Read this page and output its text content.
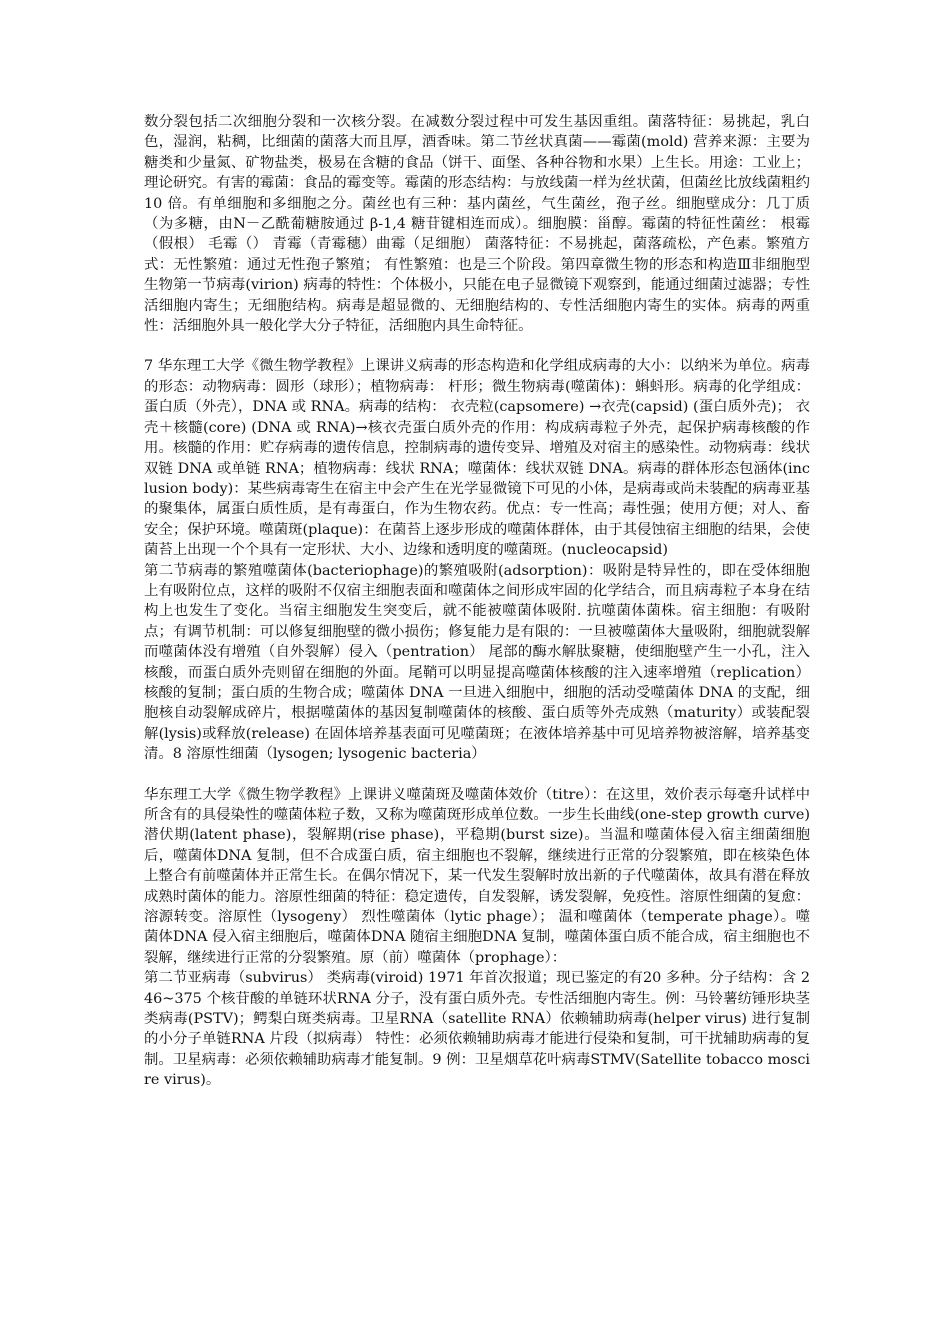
数分裂包括二次细胞分裂和一次核分裂。在减数分裂过程中可发生基因重组。菌落特征：易挑起，乳白色，湿润，粘稠，比细菌的菌落大而且厚，酒香味。第二节丝状真菌——霉菌(mold) 营养来源：主要为糖类和少量氮、矿物盐类，极易在含糖的食品（饼干、面堡、各种谷物和水果）上生长。用途：工业上；理论研究。有害的霉菌：食品的霉变等。霉菌的形态结构：与放线菌一样为丝状菌，但菌丝比放线菌粗约10 倍。有单细胞和多细胞之分。菌丝也有三种：基内菌丝，气生菌丝，孢子丝。细胞壁成分：几丁质（为多糖，由N－乙酰葡糖胺通过 β-1,4 糖苷键相连而成）。细胞膜：甾醇。霉菌的特征性菌丝： 根霉（假根） 毛霉（） 青霉（青霉穗）曲霉（足细胞） 菌落特征：不易挑起，菌落疏松，产色素。繁殖方式：无性繁殖：通过无性孢子繁殖； 有性繁殖：也是三个阶段。第四章微生物的形态和构造Ⅲ非细胞型生物第一节病毒(virion) 病毒的特性：个体极小，只能在电子显微镜下观察到，能通过细菌过滤器；专性活细胞内寄生；无细胞结构。病毒是超显微的、无细胞结构的、专性活细胞内寄生的实体。病毒的两重性：活细胞外具一般化学大分子特征，活细胞内具生命特征。

7 华东理工大学《微生物学教程》上课讲义病毒的形态构造和化学组成病毒的大小：以纳米为单位。病毒的形态：动物病毒：圆形（球形）；植物病毒： 杆形；微生物病毒(噬菌体)：蝌蚪形。病毒的化学组成：蛋白质（外壳），DNA 或 RNA。病毒的结构： 衣壳粒(capsomere) →衣壳(capsid) (蛋白质外壳)； 衣壳＋核髓(core) (DNA 或 RNA)→核衣壳蛋白质外壳的作用：构成病毒粒子外壳，起保护病毒核酸的作用。核髓的作用：贮存病毒的遗传信息，控制病毒的遗传变异、增殖及对宿主的感染性。动物病毒：线状双链 DNA 或单链 RNA；植物病毒：线状 RNA；噬菌体：线状双链 DNA。病毒的群体形态包涵体(inclusion body)：某些病毒寄生在宿主中会产生在光学显微镜下可见的小体，是病毒或尚未装配的病毒亚基的聚集体，属蛋白质性质，是有毒蛋白，作为生物农药。优点：专一性高；毒性强；使用方便；对人、畜安全；保护环境。噬菌斑(plaque)：在菌苔上逐步形成的噬菌体群体，由于其侵蚀宿主细胞的结果，会使菌苔上出现一个个具有一定形状、大小、边缘和透明度的噬菌斑。(nucleocapsid)

第二节病毒的繁殖噬菌体(bacteriophage)的繁殖吸附(adsorption)：吸附是特异性的，即在受体细胞上有吸附位点，这样的吸附不仅宿主细胞表面和噬菌体之间形成牢固的化学结合，而且病毒粒子本身在结构上也发生了变化。当宿主细胞发生突变后，就不能被噬菌体吸附. 抗噬菌体菌株。宿主细胞：有吸附点；有调节机制：可以修复细胞壁的微小损伤；修复能力是有限的：一旦被噬菌体大量吸附，细胞就裂解而噬菌体没有增殖（自外裂解）侵入（pentration） 尾部的酶水解肽聚糖，使细胞壁产生一小孔，注入核酸，而蛋白质外壳则留在细胞的外面。尾鞘可以明显提高噬菌体核酸的注入速率增殖（replication） 核酸的复制；蛋白质的生物合成；噬菌体 DNA 一旦进入细胞中，细胞的活动受噬菌体 DNA 的支配，细胞核自动裂解成碎片，根据噬菌体的基因复制噬菌体的核酸、蛋白质等外壳成熟（maturity）或装配裂解(lysis)或释放(release) 在固体培养基表面可见噬菌斑；在液体培养基中可见培养物被溶解，培养基变清。8 溶原性细菌（lysogen; lysogenic bacteria）

华东理工大学《微生物学教程》上课讲义噬菌斑及噬菌体效价（titre）：在这里，效价表示每毫升试样中所含有的具侵染性的噬菌体粒子数，又称为噬菌斑形成单位数。一步生长曲线(one-step growth curve) 潜伏期(latent phase)，裂解期(rise phase)，平稳期(burst size)。当温和噬菌体侵入宿主细菌细胞后，噬菌体DNA 复制，但不合成蛋白质，宿主细胞也不裂解，继续进行正常的分裂繁殖，即在核染色体上整合有前噬菌体并正常生长。在偶尔情况下，某一代发生裂解时放出新的子代噬菌体，故具有潜在释放成熟时菌体的能力。溶原性细菌的特征：稳定遗传，自发裂解，诱发裂解，免疫性。溶原性细菌的复愈：溶源转变。溶原性（lysogeny） 烈性噬菌体（lytic phage）； 温和噬菌体（temperate phage）。噬菌体DNA 侵入宿主细胞后，噬菌体DNA 随宿主细胞DNA 复制，噬菌体蛋白质不能合成，宿主细胞也不裂解，继续进行正常的分裂繁殖。原（前）噬菌体（prophage）：

第二节亚病毒（subvirus） 类病毒(viroid) 1971 年首次报道；现已鉴定的有20 多种。分子结构：含 246~375 个核苷酸的单链环状RNA 分子，没有蛋白质外壳。专性活细胞内寄生。例：马铃薯纺锤形块茎类病毒(PSTV)；鳄梨白斑类病毒。卫星RNA（satellite RNA）依赖辅助病毒(helper virus) 进行复制的小分子单链RNA 片段（拟病毒） 特性：必须依赖辅助病毒才能进行侵染和复制，可干扰辅助病毒的复制。卫星病毒：必须依赖辅助病毒才能复制。9 例：卫星烟草花叶病毒STMV(Satellite tobacco moscire virus)。
